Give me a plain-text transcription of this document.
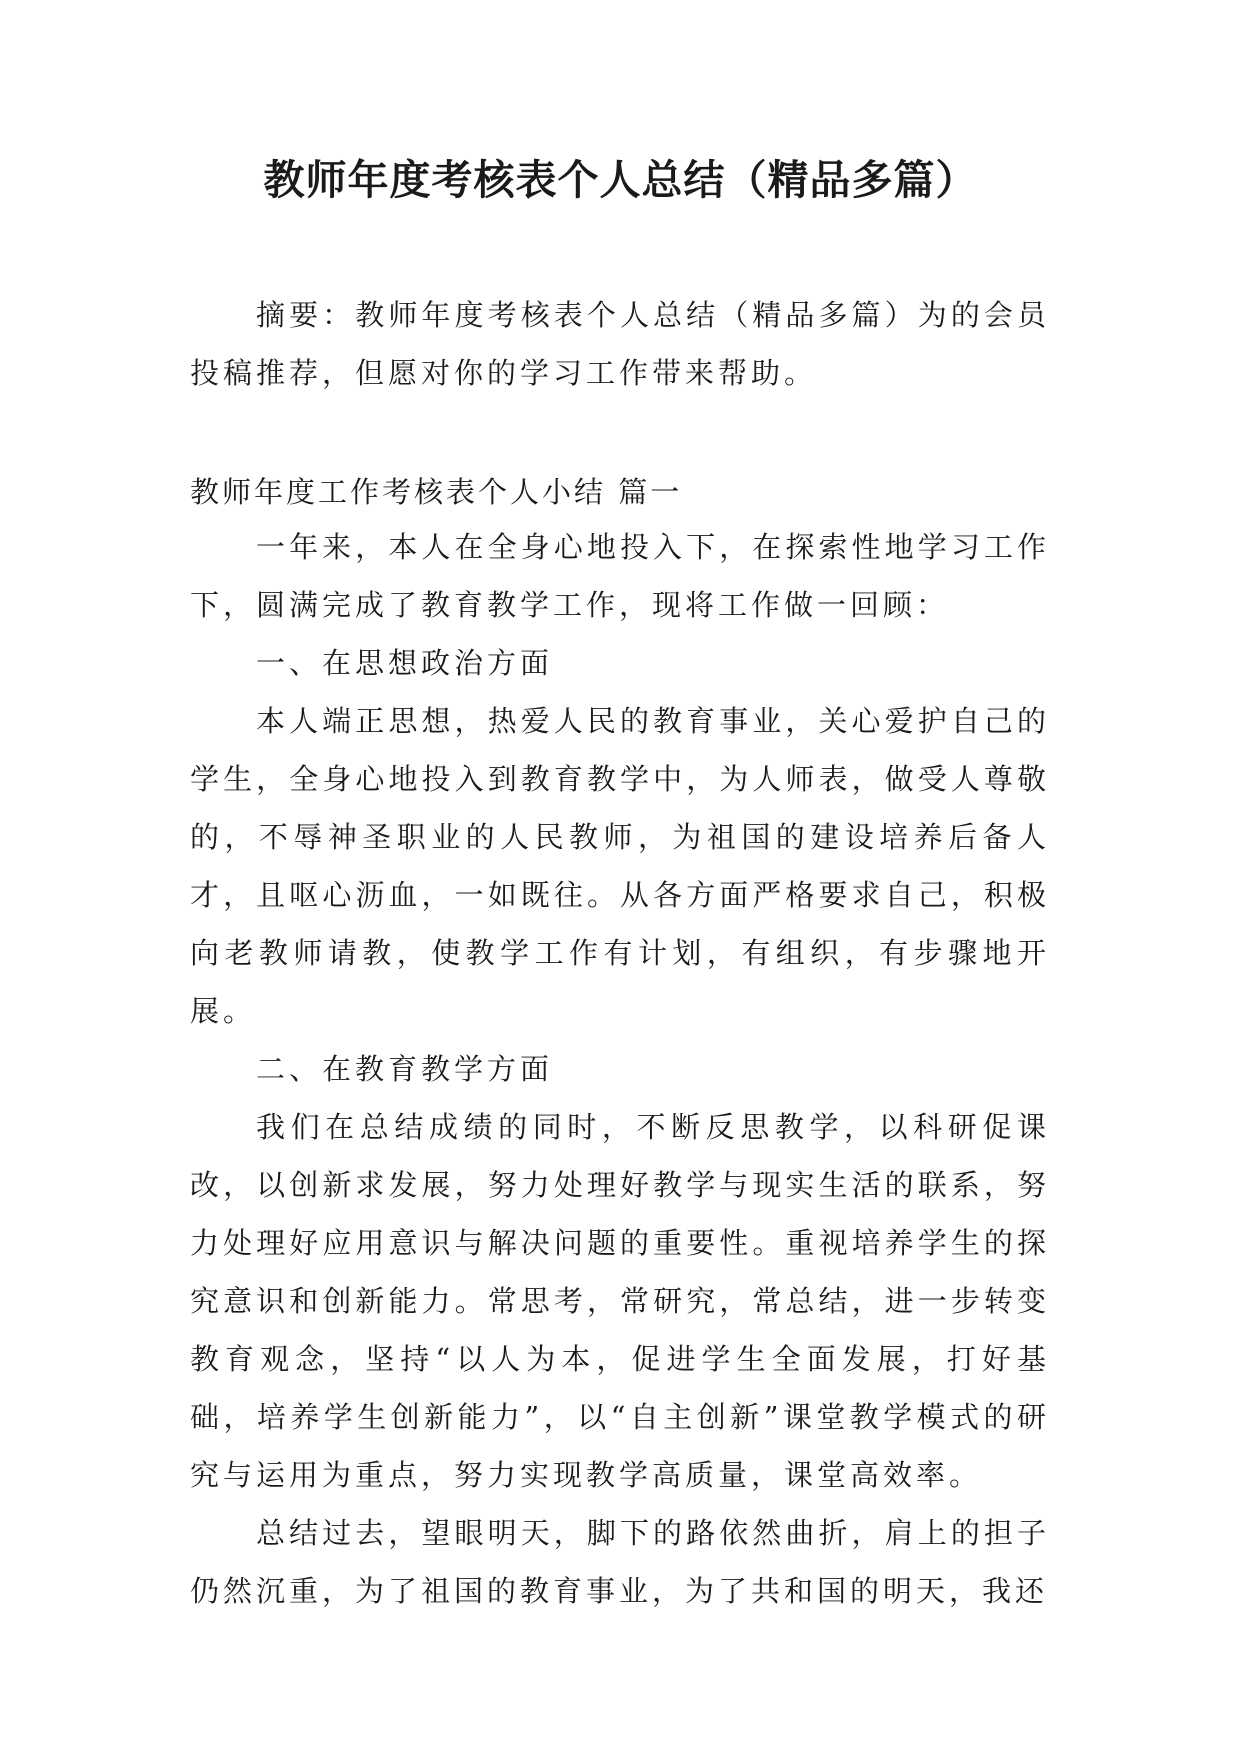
教师年度考核表个人总结（精品多篇）

摘要：教师年度考核表个人总结（精品多篇）为的会员投稿推荐，但愿对你的学习工作带来帮助。

教师年度工作考核表个人小结 篇一

一年来，本人在全身心地投入下，在探索性地学习工作下，圆满完成了教育教学工作，现将工作做一回顾：

一、在思想政治方面

本人端正思想，热爱人民的教育事业，关心爱护自己的学生，全身心地投入到教育教学中，为人师表，做受人尊敬的，不辱神圣职业的人民教师，为祖国的建设培养后备人才，且呕心沥血，一如既往。从各方面严格要求自己，积极向老教师请教，使教学工作有计划，有组织，有步骤地开展。

二、在教育教学方面

我们在总结成绩的同时，不断反思教学，以科研促课改，以创新求发展，努力处理好教学与现实生活的联系，努力处理好应用意识与解决问题的重要性。重视培养学生的探究意识和创新能力。常思考，常研究，常总结，进一步转变教育观念，坚持“以人为本，促进学生全面发展，打好基础，培养学生创新能力”，以“自主创新”课堂教学模式的研究与运用为重点，努力实现教学高质量，课堂高效率。

总结过去，望眼明天，脚下的路依然曲折，肩上的担子仍然沉重，为了祖国的教育事业，为了共和国的明天，我还
